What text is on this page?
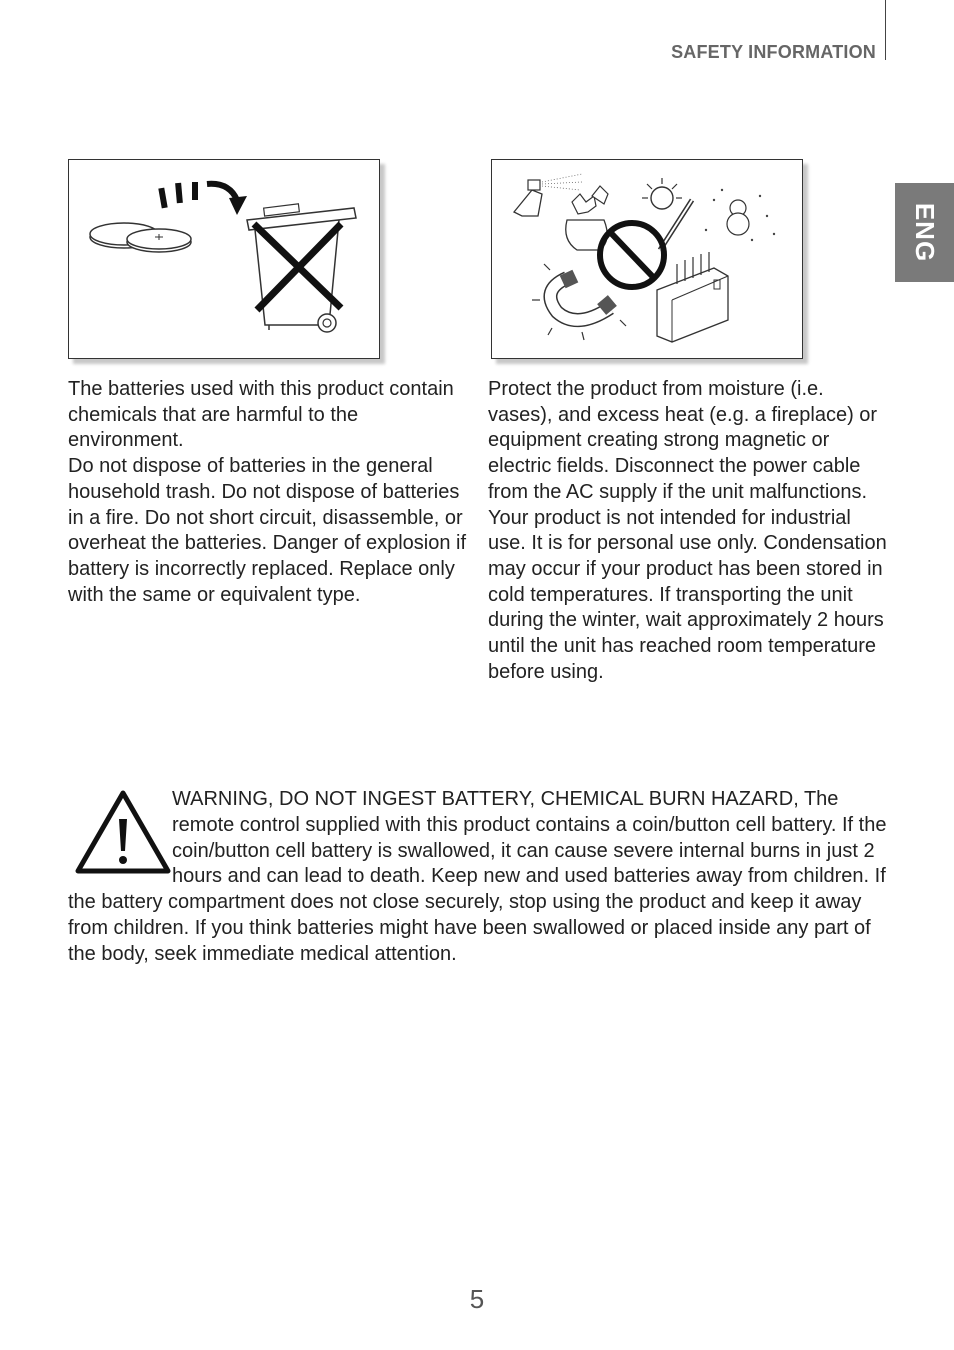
SAFETY INFORMATION
ENG

The batteries used with this product contain chemicals that are harmful to the environment.

Do not dispose of batteries in the general household trash. Do not dispose of batteries in a fire. Do not short circuit, disassemble, or overheat the batteries. Danger of explosion if battery is incorrectly replaced. Replace only with the same or equivalent type.

Protect the product from moisture (i.e. vases), and excess heat (e.g. a fireplace) or equipment creating strong magnetic or electric fields. Disconnect the power cable from the AC supply if the unit malfunctions. Your product is not intended for industrial use. It is for personal use only. Condensation may occur if your product has been stored in cold temperatures. If transporting the unit during the winter, wait approximately 2 hours until the unit has reached room temperature before using.

WARNING, DO NOT INGEST BATTERY, CHEMICAL BURN HAZARD, The remote control supplied with this product contains a coin/button cell battery. If the coin/button cell battery is swallowed, it can cause severe internal burns in just 2 hours and can lead to death. Keep new and used batteries away from children. If the battery compartment does not close securely, stop using the product and keep it away from children. If you think batteries might have been swallowed or placed inside any part of the body, seek immediate medical attention.
5
